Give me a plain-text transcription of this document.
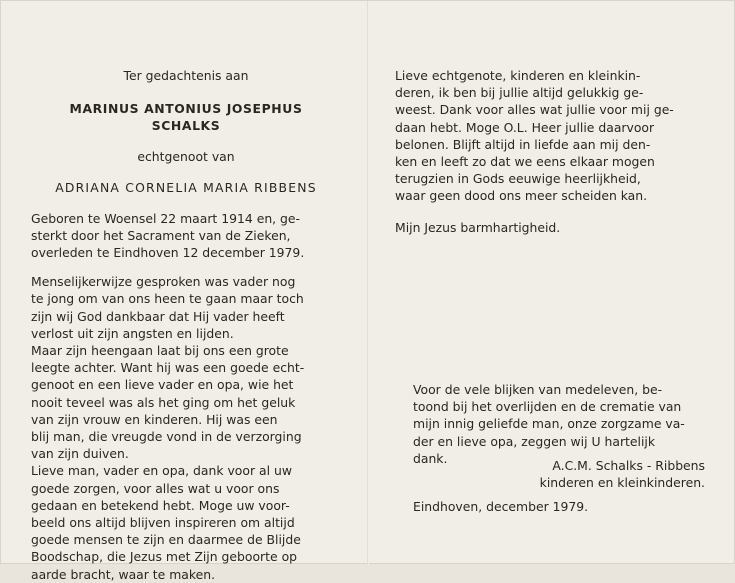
Ter gedachtenis aan
MARINUS ANTONIUS JOSEPHUS
SCHALKS
echtgenoot van
ADRIANA CORNELIA MARIA RIBBENS

Geboren te Woensel 22 maart 1914 en, ge-

sterkt door het Sacrament van de Zieken,

overleden te Eindhoven 12 december 1979.

Menselijkerwijze gesproken was vader nog

te jong om van ons heen te gaan maar toch

zijn wij God dankbaar dat Hij vader heeft

verlost uit zijn angsten en lijden.

Maar zijn heengaan laat bij ons een grote

leegte achter. Want hij was een goede echt-

genoot en een lieve vader en opa, wie het

nooit teveel was als het ging om het geluk

van zijn vrouw en kinderen. Hij was een

blij man, die vreugde vond in de verzorging

van zijn duiven.

Lieve man, vader en opa, dank voor al uw

goede zorgen, voor alles wat u voor ons

gedaan en betekend hebt. Moge uw voor-

beeld ons altijd blijven inspireren om altijd

goede mensen te zijn en daarmee de Blijde

Boodschap, die Jezus met Zijn geboorte op

aarde bracht, waar te maken.

Lieve echtgenote, kinderen en kleinkin-

deren, ik ben bij jullie altijd gelukkig ge-

weest. Dank voor alles wat jullie voor mij ge-

daan hebt. Moge O.L. Heer jullie daarvoor

belonen. Blijft altijd in liefde aan mij den-

ken en leeft zo dat we eens elkaar mogen

terugzien in Gods eeuwige heerlijkheid,

waar geen dood ons meer scheiden kan.

Mijn Jezus barmhartigheid.

Voor de vele blijken van medeleven, be-

toond bij het overlijden en de crematie van

mijn innig geliefde man, onze zorgzame va-

der en lieve opa, zeggen wij U hartelijk

dank.	A.C.M. Schalks - Ribbens

kinderen en kleinkinderen.

Eindhoven, december 1979.
